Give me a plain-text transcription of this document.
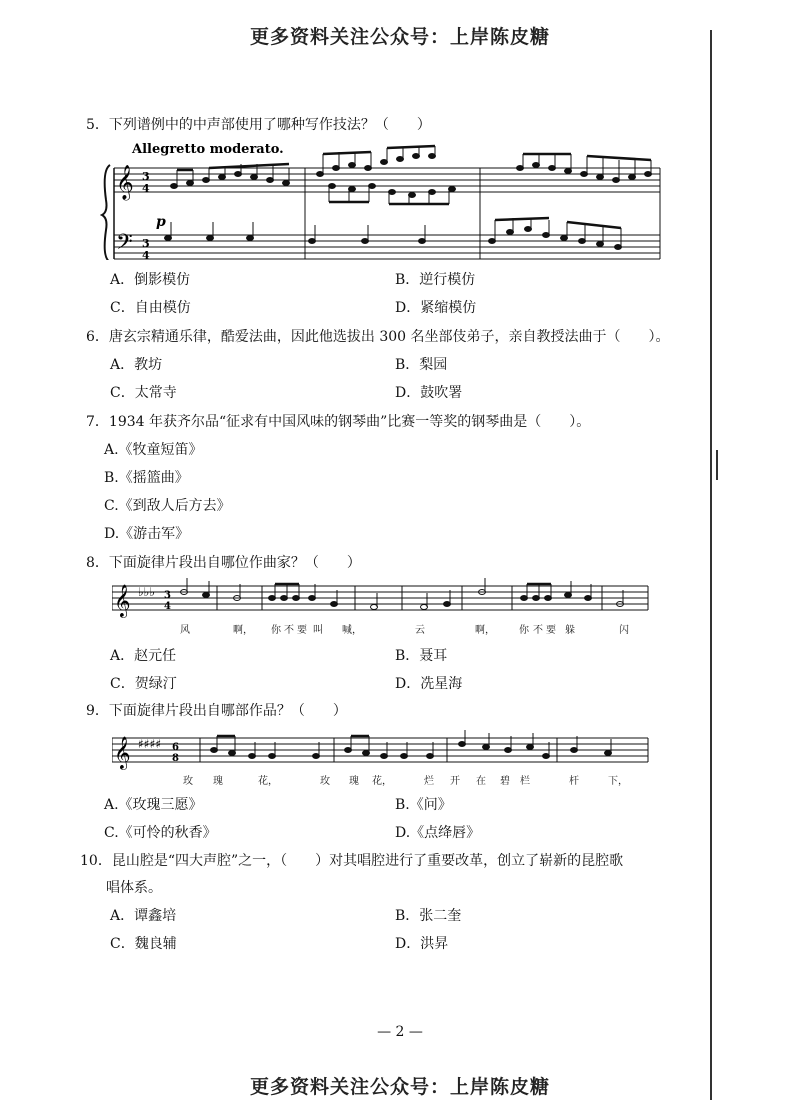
更多资料关注公众号：上岸陈皮糖
5．下列谱例中的中声部使用了哪种写作技法？（　　）
Allegretto moderato.
𝄞
𝄢
3
4
3
4
p
A．倒影模仿	B．逆行模仿
C．自由模仿	D．紧缩模仿
6．唐玄宗精通乐律，酷爱法曲，因此他选拔出 300 名坐部伎弟子，亲自教授法曲于（　　）。
A．教坊	B．梨园
C．太常寺	D．鼓吹署
7．1934 年获齐尔品“征求有中国风味的钢琴曲”比赛一等奖的钢琴曲是（　　）。
A.《牧童短笛》
B.《摇篮曲》
C.《到敌人后方去》
D.《游击军》
8．下面旋律片段出自哪位作曲家？（　　）
𝄞 ♭♭♭ 3
4
风	啊， 你 不 要 叫 喊，	云	啊， 你 不 要 躲	闪
A．赵元任	B．聂耳
C．贺绿汀	D．冼星海
9．下面旋律片段出自哪部作品？（　　）
𝄞 ♯♯♯♯ 6
8
玫 瑰	花，	玫 瑰 花，	烂 开 在 碧 栏	杆	下，
A.《玫瑰三愿》	B.《问》
C.《可怜的秋香》	D.《点绛唇》
10．昆山腔是“四大声腔”之一，（　　）对其唱腔进行了重要改革，创立了崭新的昆腔歌
唱体系。
A．谭鑫培	B．张二奎
C．魏良辅	D．洪昇
— 2 —
更多资料关注公众号：上岸陈皮糖
